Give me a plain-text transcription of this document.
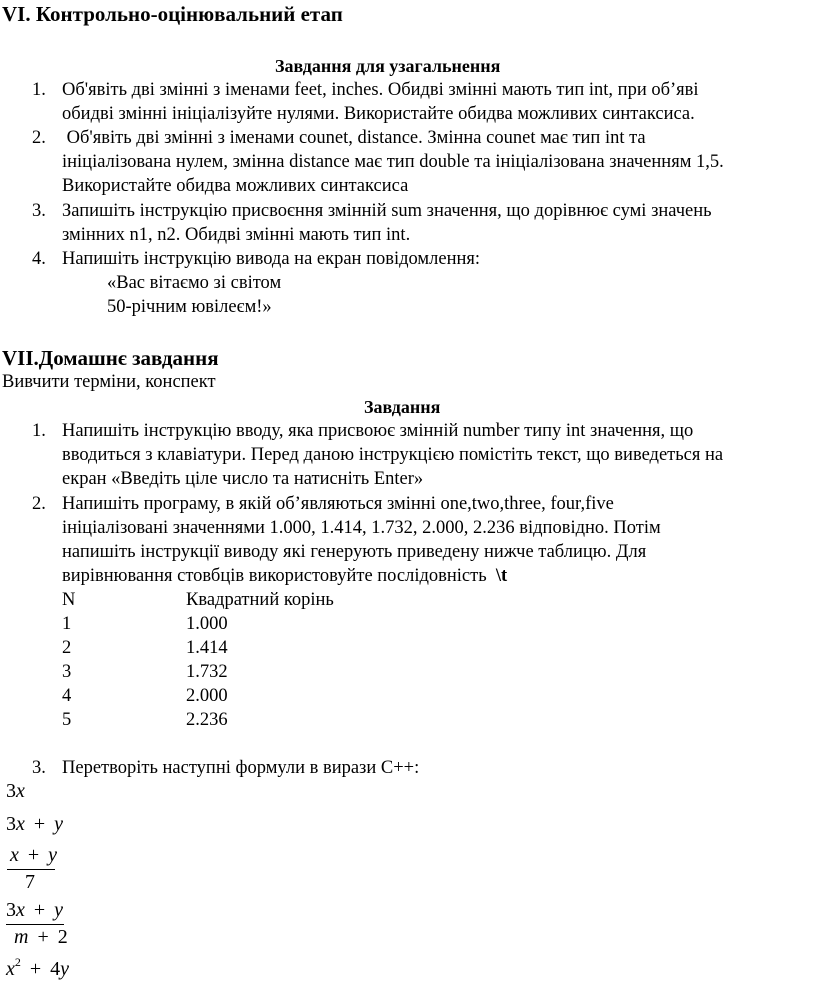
VI. Контрольно-оцінювальний етап
Завдання для узагальнення
1. Об'явіть дві змінні з іменами feet, inches. Обидві змінні мають тип int, при об’яві
обидві змінні ініціалізуйте нулями. Використайте обидва можливих синтаксиса.
2. Об'явіть дві змінні з іменами counet, distance. Змінна counet має тип int та
ініціалізована нулем, змінна distance має тип double та ініціалізована значенням 1,5.
Використайте обидва можливих синтаксиса
3. Запишіть інструкцію присвоєння змінній sum значення, що дорівнює сумі значень
змінних n1, n2. Обидві змінні мають тип int.
4. Напишіть інструкцію вивода на екран повідомлення:
«Вас вітаємо зі світом
50-річним ювілеєм!»
VII.Домашнє завдання
Вивчити терміни, конспект
Завдання
1. Напишіть інструкцію вводу, яка присвоює змінній number типу int значення, що
вводиться з клавіатури. Перед даною інструкцією помістіть текст, що виведеться на
екран «Введіть ціле число та натисніть Enter»
2. Напишіть програму, в якій об’являються змінні one,two,three, four,five
ініціалізовані значеннями 1.000, 1.414, 1.732, 2.000, 2.236 відповідно. Потім
напишіть інструкції виводу які генерують приведену нижче таблицю. Для
вирівнювання стовбців використовуйте послідовність  \t
N	Квадратний корінь
1	1.000
2	1.414
3	1.732
4	2.000
5	2.236
3. Перетворіть наступні формули в вирази С++:
3x
3x + y
x + y
7
3x + y
m + 2
$x^2 + 4y$
